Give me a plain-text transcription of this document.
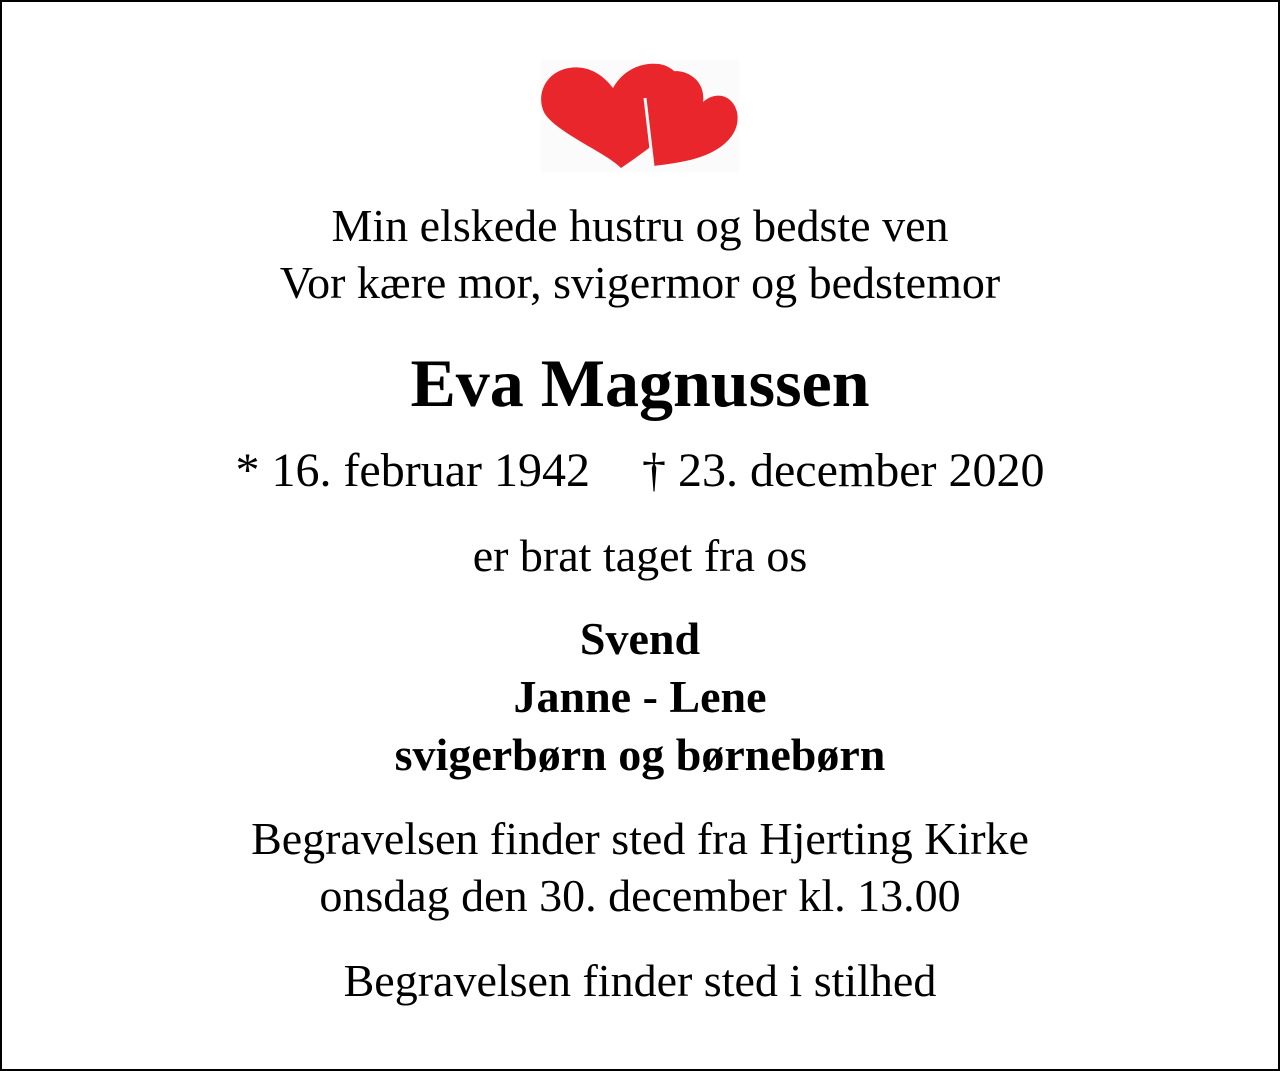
Min elskede hustru og bedste ven
Vor kære mor, svigermor og bedstemor
Eva Magnussen
* 16. februar 1942 † 23. december 2020
er brat taget fra os
Svend
Janne - Lene
svigerbørn og børnebørn
Begravelsen finder sted fra Hjerting Kirke
onsdag den 30. december kl. 13.00
Begravelsen finder sted i stilhed
